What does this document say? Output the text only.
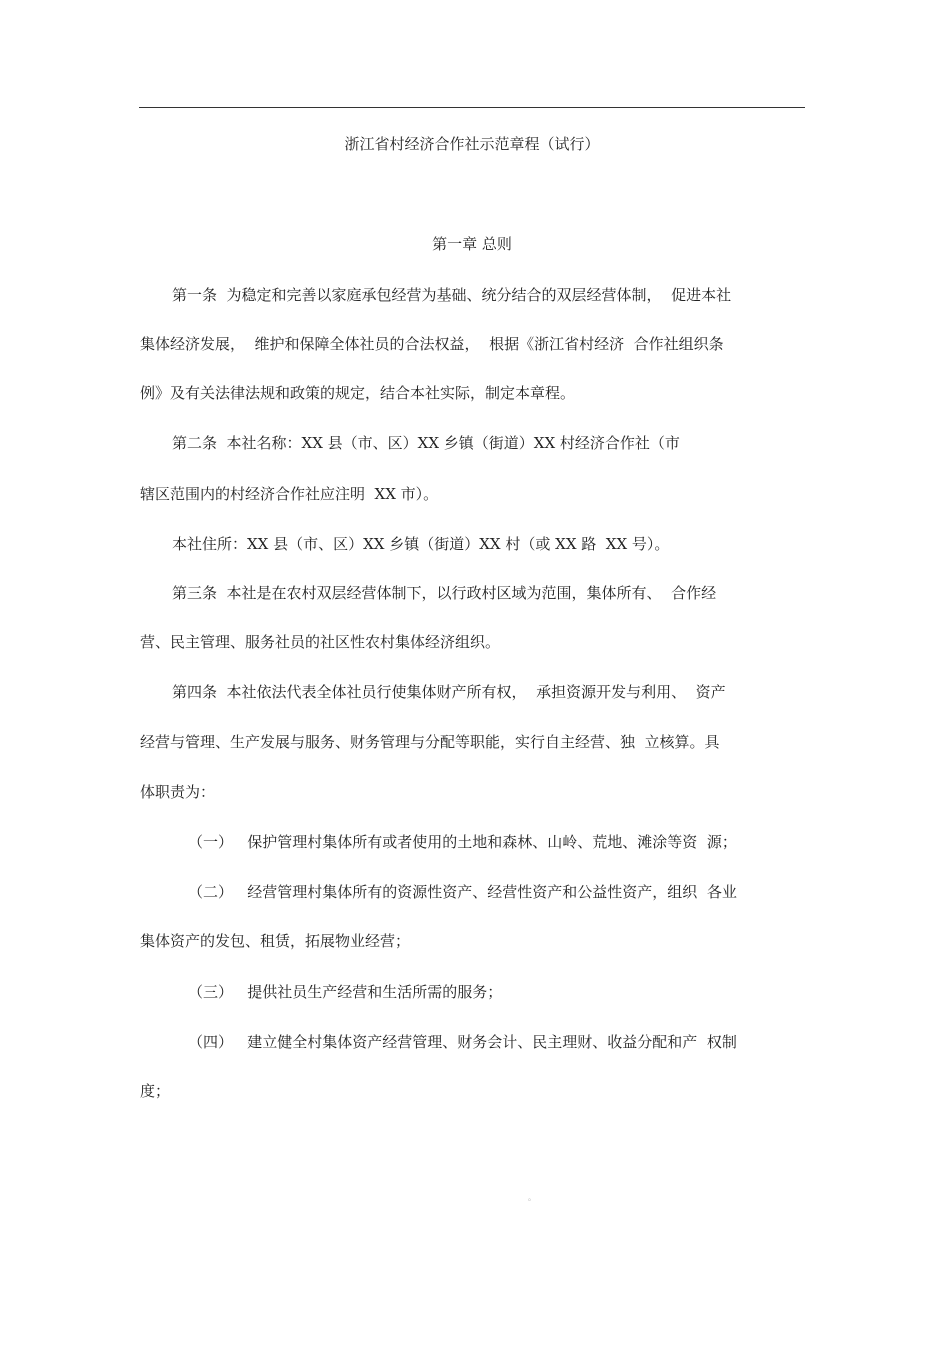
浙江省村经济合作社示范章程（试行）
第一章 总则
第一条  为稳定和完善以家庭承包经营为基础、统分结合的双层经营体制，  促进本社
集体经济发展，  维护和保障全体社员的合法权益，  根据《浙江省村经济  合作社组织条
例》及有关法律法规和政策的规定，结合本社实际，制定本章程。
第二条  本社名称：XX 县（市、区）XX 乡镇（街道）XX 村经济合作社（市
辖区范围内的村经济合作社应注明  XX 市）。
本社住所：XX 县（市、区）XX 乡镇（街道）XX 村（或 XX 路  XX 号）。
第三条  本社是在农村双层经营体制下，以行政村区域为范围，集体所有、  合作经
营、民主管理、服务社员的社区性农村集体经济组织。
第四条  本社依法代表全体社员行使集体财产所有权，  承担资源开发与利用、  资产
经营与管理、生产发展与服务、财务管理与分配等职能，实行自主经营、独  立核算。具
体职责为：
（一）   保护管理村集体所有或者使用的土地和森林、山岭、荒地、滩涂等资  源；
（二）   经营管理村集体所有的资源性资产、经营性资产和公益性资产，组织  各业
集体资产的发包、租赁，拓展物业经营；
（三）   提供社员生产经营和生活所需的服务；
（四）   建立健全村集体资产经营管理、财务会计、民主理财、收益分配和产  权制
度；
。
